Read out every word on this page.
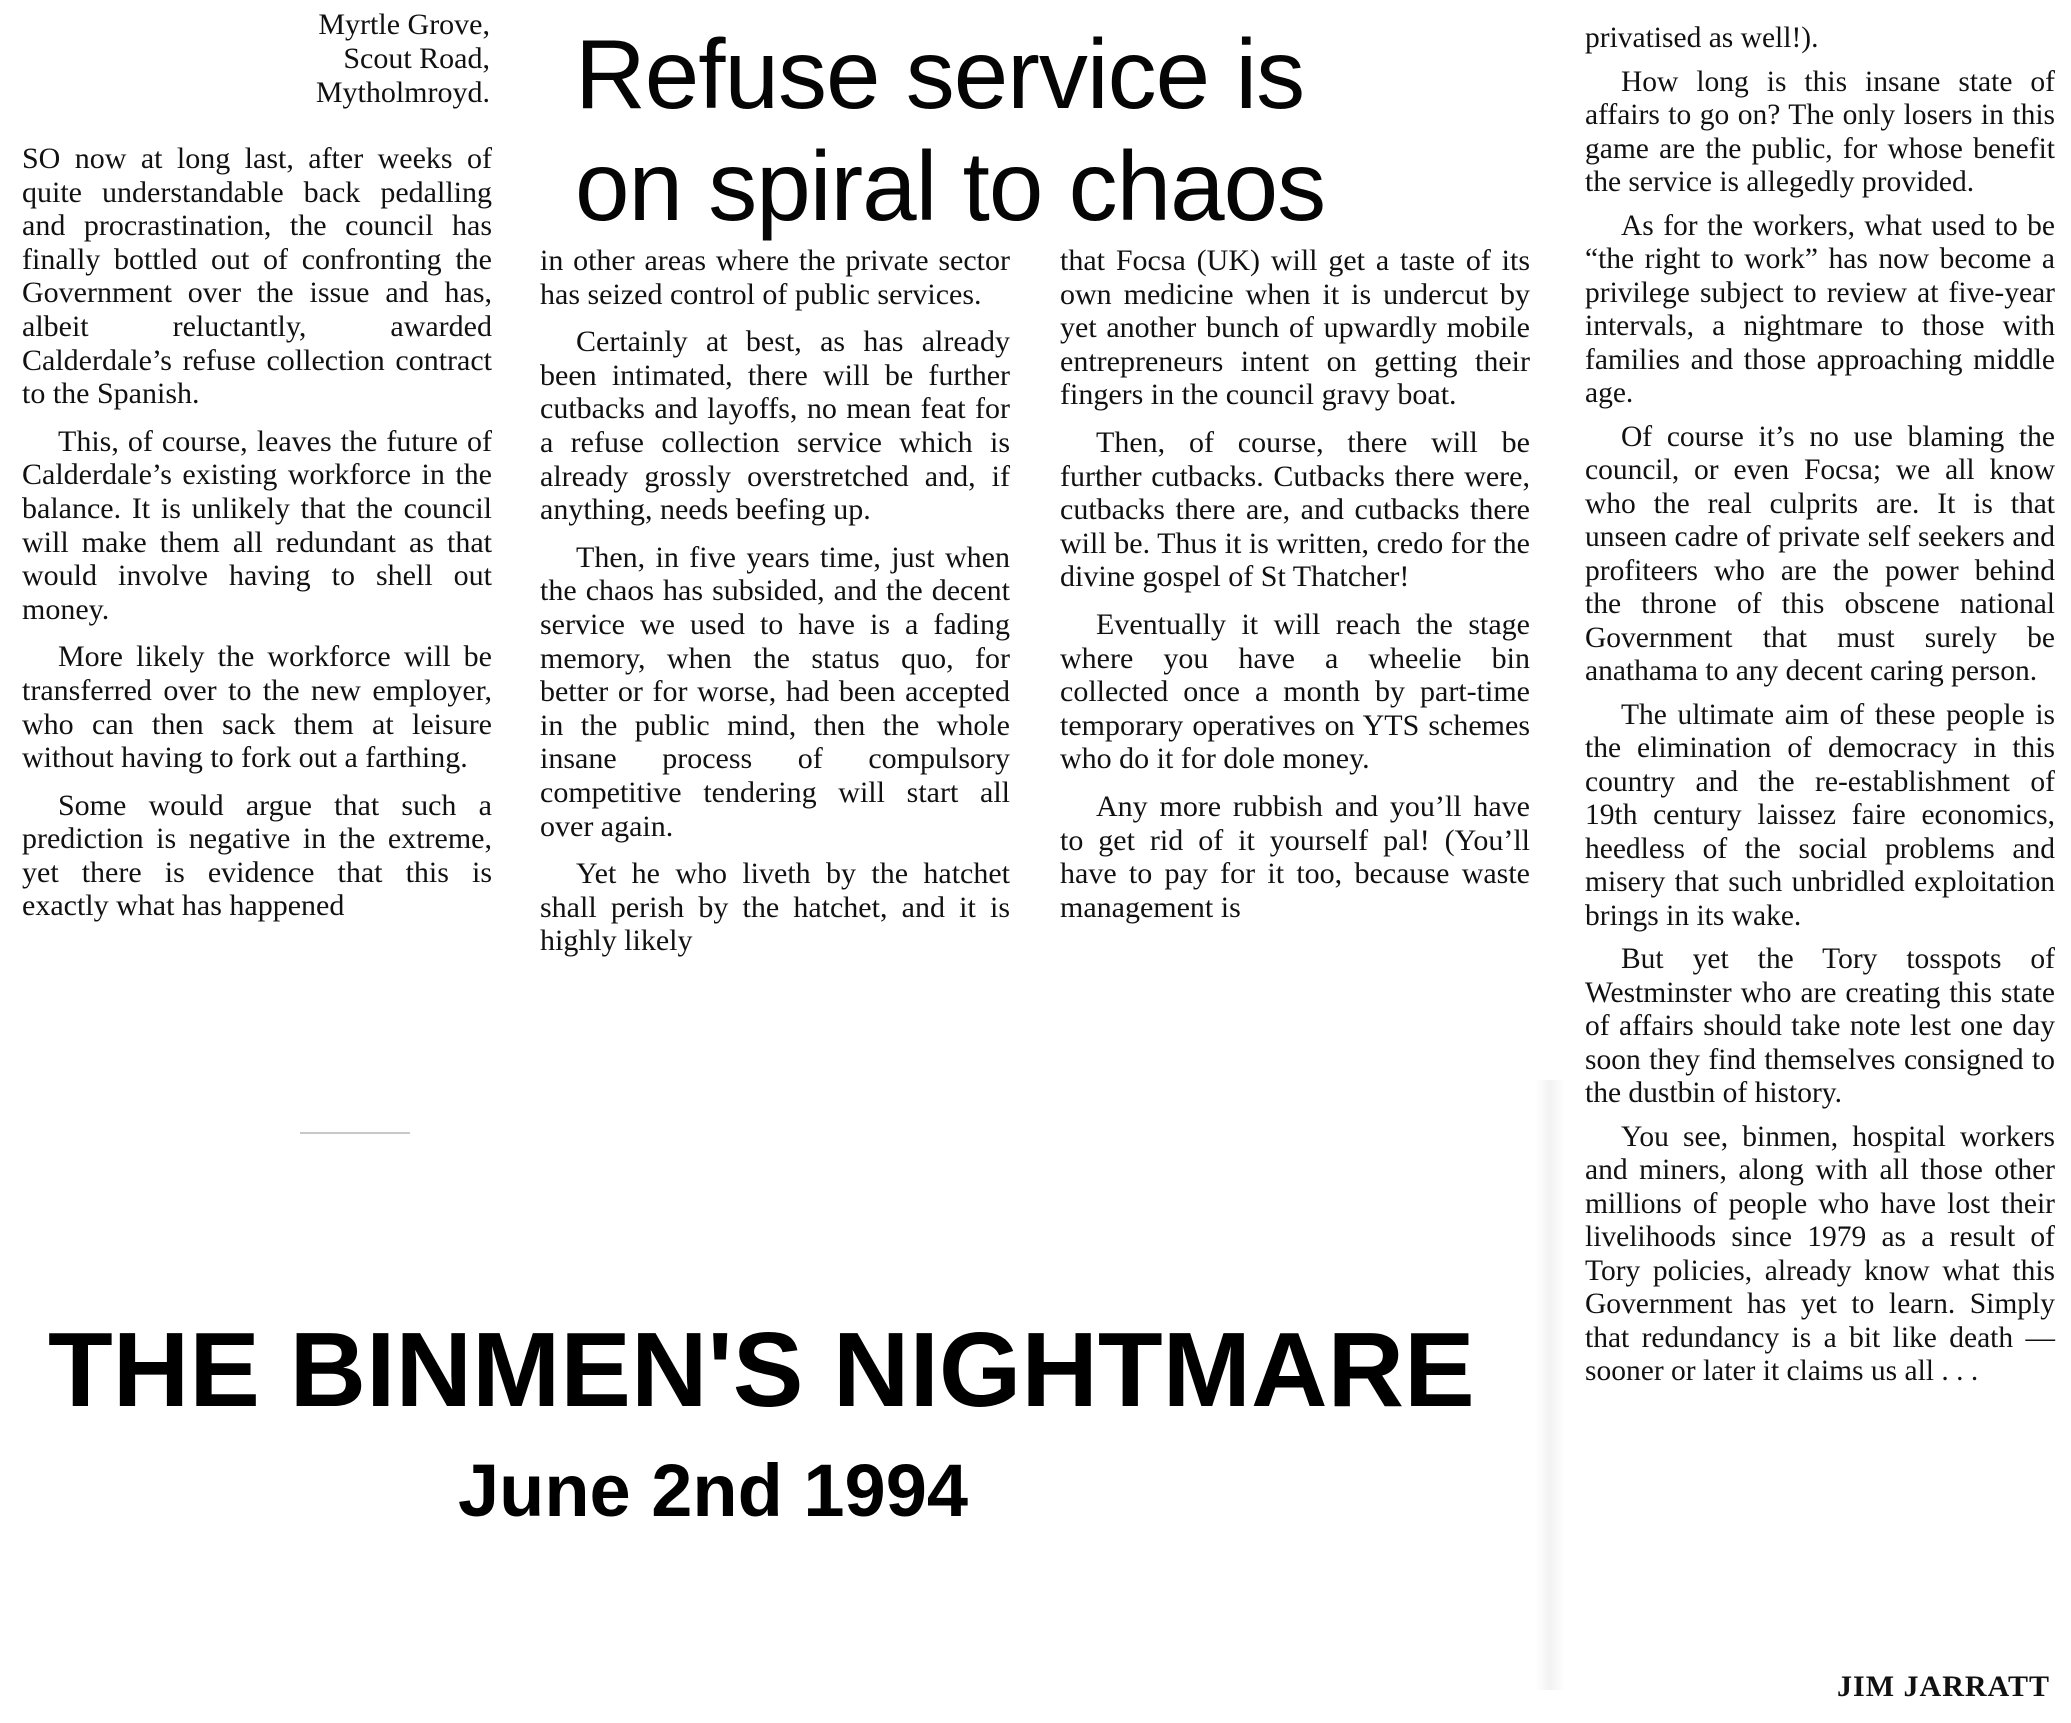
Myrtle Grove,
Scout Road,
Mytholmroyd. Refuse service is
on spiral to chaos

SO now at long last, after weeks of quite understandable back pedalling and procrastination, the council has finally bottled out of confronting the Government over the issue and has, albeit reluctantly, awarded Calderdale’s refuse collection contract to the Spanish.

This, of course, leaves the future of Calderdale’s existing workforce in the balance. It is unlikely that the council will make them all redundant as that would involve having to shell out money.

More likely the workforce will be transferred over to the new employer, who can then sack them at leisure without having to fork out a farthing.

Some would argue that such a prediction is negative in the extreme, yet there is evidence that this is exactly what has happened

in other areas where the private sector has seized control of public services.

Certainly at best, as has already been intimated, there will be further cutbacks and layoffs, no mean feat for a refuse collection service which is already grossly overstretched and, if anything, needs beefing up.

Then, in five years time, just when the chaos has subsided, and the decent service we used to have is a fading memory, when the status quo, for better or for worse, had been accepted in the public mind, then the whole insane process of compulsory competitive tendering will start all over again.

Yet he who liveth by the hatchet shall perish by the hatchet, and it is highly likely

that Focsa (UK) will get a taste of its own medicine when it is undercut by yet another bunch of upwardly mobile entrepreneurs intent on getting their fingers in the council gravy boat.

Then, of course, there will be further cutbacks. Cutbacks there were, cutbacks there are, and cutbacks there will be. Thus it is written, credo for the divine gospel of St Thatcher!

Eventually it will reach the stage where you have a wheelie bin collected once a month by part-time temporary operatives on YTS schemes who do it for dole money.

Any more rubbish and you’ll have to get rid of it yourself pal! (You’ll have to pay for it too, because waste management is

privatised as well!).

How long is this insane state of affairs to go on? The only losers in this game are the public, for whose benefit the service is allegedly provided.

As for the workers, what used to be “the right to work” has now become a privilege subject to review at five-year intervals, a nightmare to those with families and those approaching middle age.

Of course it’s no use blaming the council, or even Focsa; we all know who the real culprits are. It is that unseen cadre of private self seekers and profiteers who are the power behind the throne of this obscene national Government that must surely be anathama to any decent caring person.

The ultimate aim of these people is the elimination of democracy in this country and the re-establishment of 19th century laissez faire economics, heedless of the social problems and misery that such unbridled exploitation brings in its wake.

But yet the Tory tosspots of Westminster who are creating this state of affairs should take note lest one day soon they find themselves consigned to the dustbin of history.

You see, binmen, hospital workers and miners, along with all those other millions of people who have lost their livelihoods since 1979 as a result of Tory policies, already know what this Government has yet to learn. Simply that redundancy is a bit like death — sooner or later it claims us all . . .

JIM JARRATT
THE BINMEN'S NIGHTMARE
June 2nd 1994
